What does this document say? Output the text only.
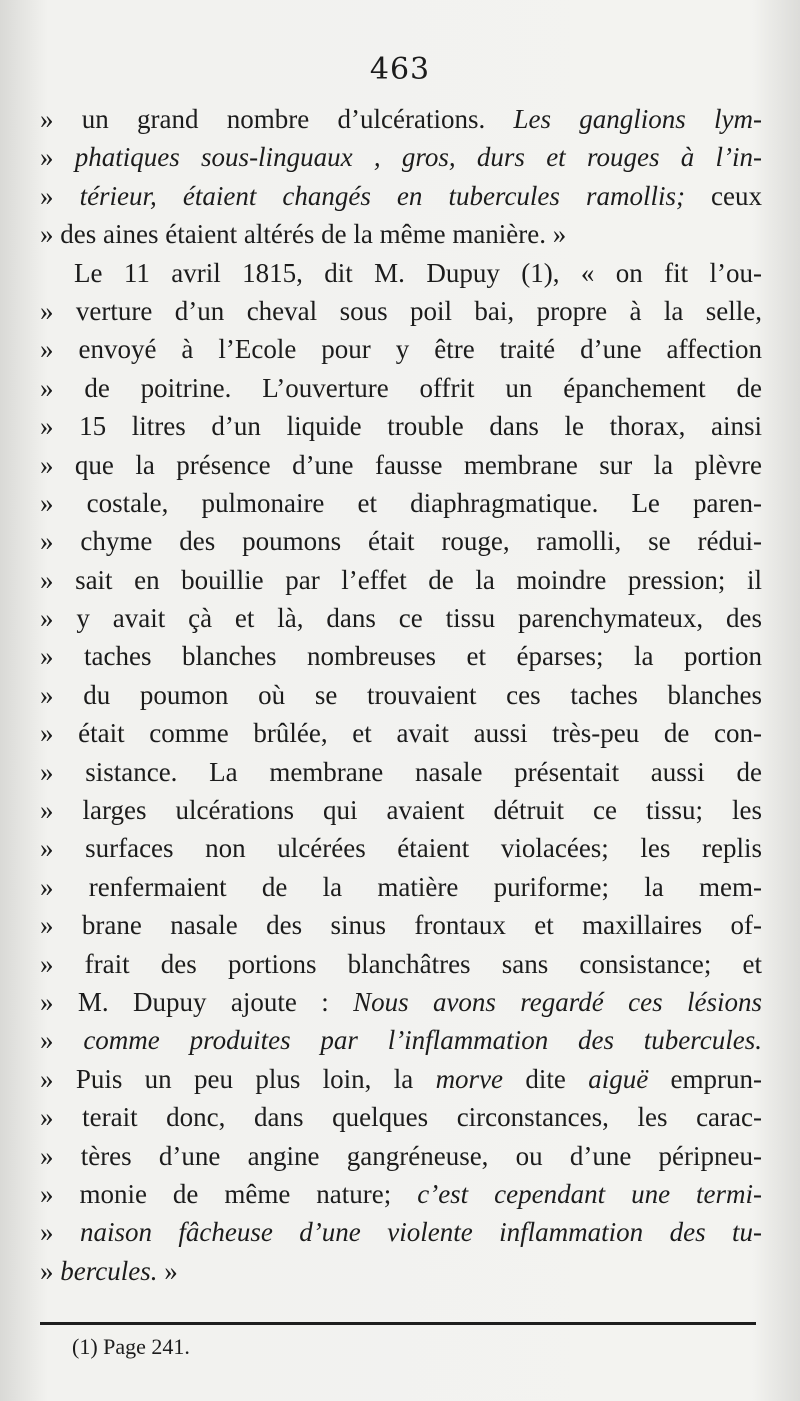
463
» un grand nombre d’ulcérations. Les ganglions lym-
» phatiques sous-linguaux , gros, durs et rouges à l’in-
» térieur, étaient changés en tubercules ramollis; ceux
» des aines étaient altérés de la même manière. »
Le 11 avril 1815, dit M. Dupuy (1), « on fit l’ou-
» verture d’un cheval sous poil bai, propre à la selle,
» envoyé à l’Ecole pour y être traité d’une affection
» de poitrine. L’ouverture offrit un épanchement de
» 15 litres d’un liquide trouble dans le thorax, ainsi
» que la présence d’une fausse membrane sur la plèvre
» costale, pulmonaire et diaphragmatique. Le paren-
» chyme des poumons était rouge, ramolli, se rédui-
» sait en bouillie par l’effet de la moindre pression; il
» y avait çà et là, dans ce tissu parenchymateux, des
» taches blanches nombreuses et éparses; la portion
» du poumon où se trouvaient ces taches blanches
» était comme brûlée, et avait aussi très-peu de con-
» sistance. La membrane nasale présentait aussi de
» larges ulcérations qui avaient détruit ce tissu; les
» surfaces non ulcérées étaient violacées; les replis
» renfermaient de la matière puriforme; la mem-
» brane nasale des sinus frontaux et maxillaires of-
» frait des portions blanchâtres sans consistance; et
» M. Dupuy ajoute : Nous avons regardé ces lésions
» comme produites par l’inflammation des tubercules.
» Puis un peu plus loin, la morve dite aiguë emprun-
» terait donc, dans quelques circonstances, les carac-
» tères d’une angine gangréneuse, ou d’une péripneu-
» monie de même nature; c’est cependant une termi-
» naison fâcheuse d’une violente inflammation des tu-
» bercules. »
(1) Page 241.
